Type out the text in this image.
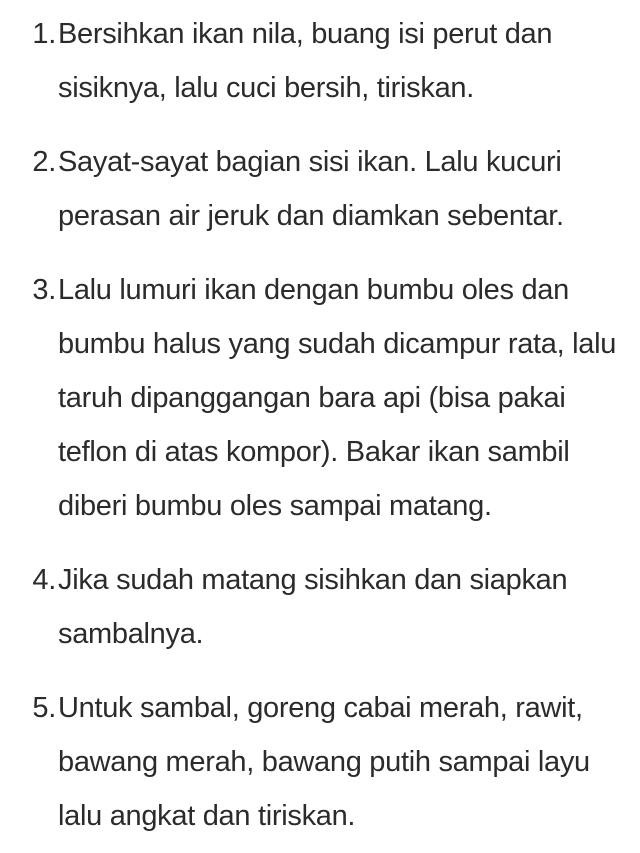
1. Bersihkan ikan nila, buang isi perut dan sisiknya, lalu cuci bersih, tiriskan.
2. Sayat-sayat bagian sisi ikan. Lalu kucuri perasan air jeruk dan diamkan sebentar.
3. Lalu lumuri ikan dengan bumbu oles dan bumbu halus yang sudah dicampur rata, lalu taruh dipanggangan bara api (bisa pakai teflon di atas kompor). Bakar ikan sambil diberi bumbu oles sampai matang.
4. Jika sudah matang sisihkan dan siapkan sambalnya.
5. Untuk sambal, goreng cabai merah, rawit, bawang merah, bawang putih sampai layu lalu angkat dan tiriskan.
